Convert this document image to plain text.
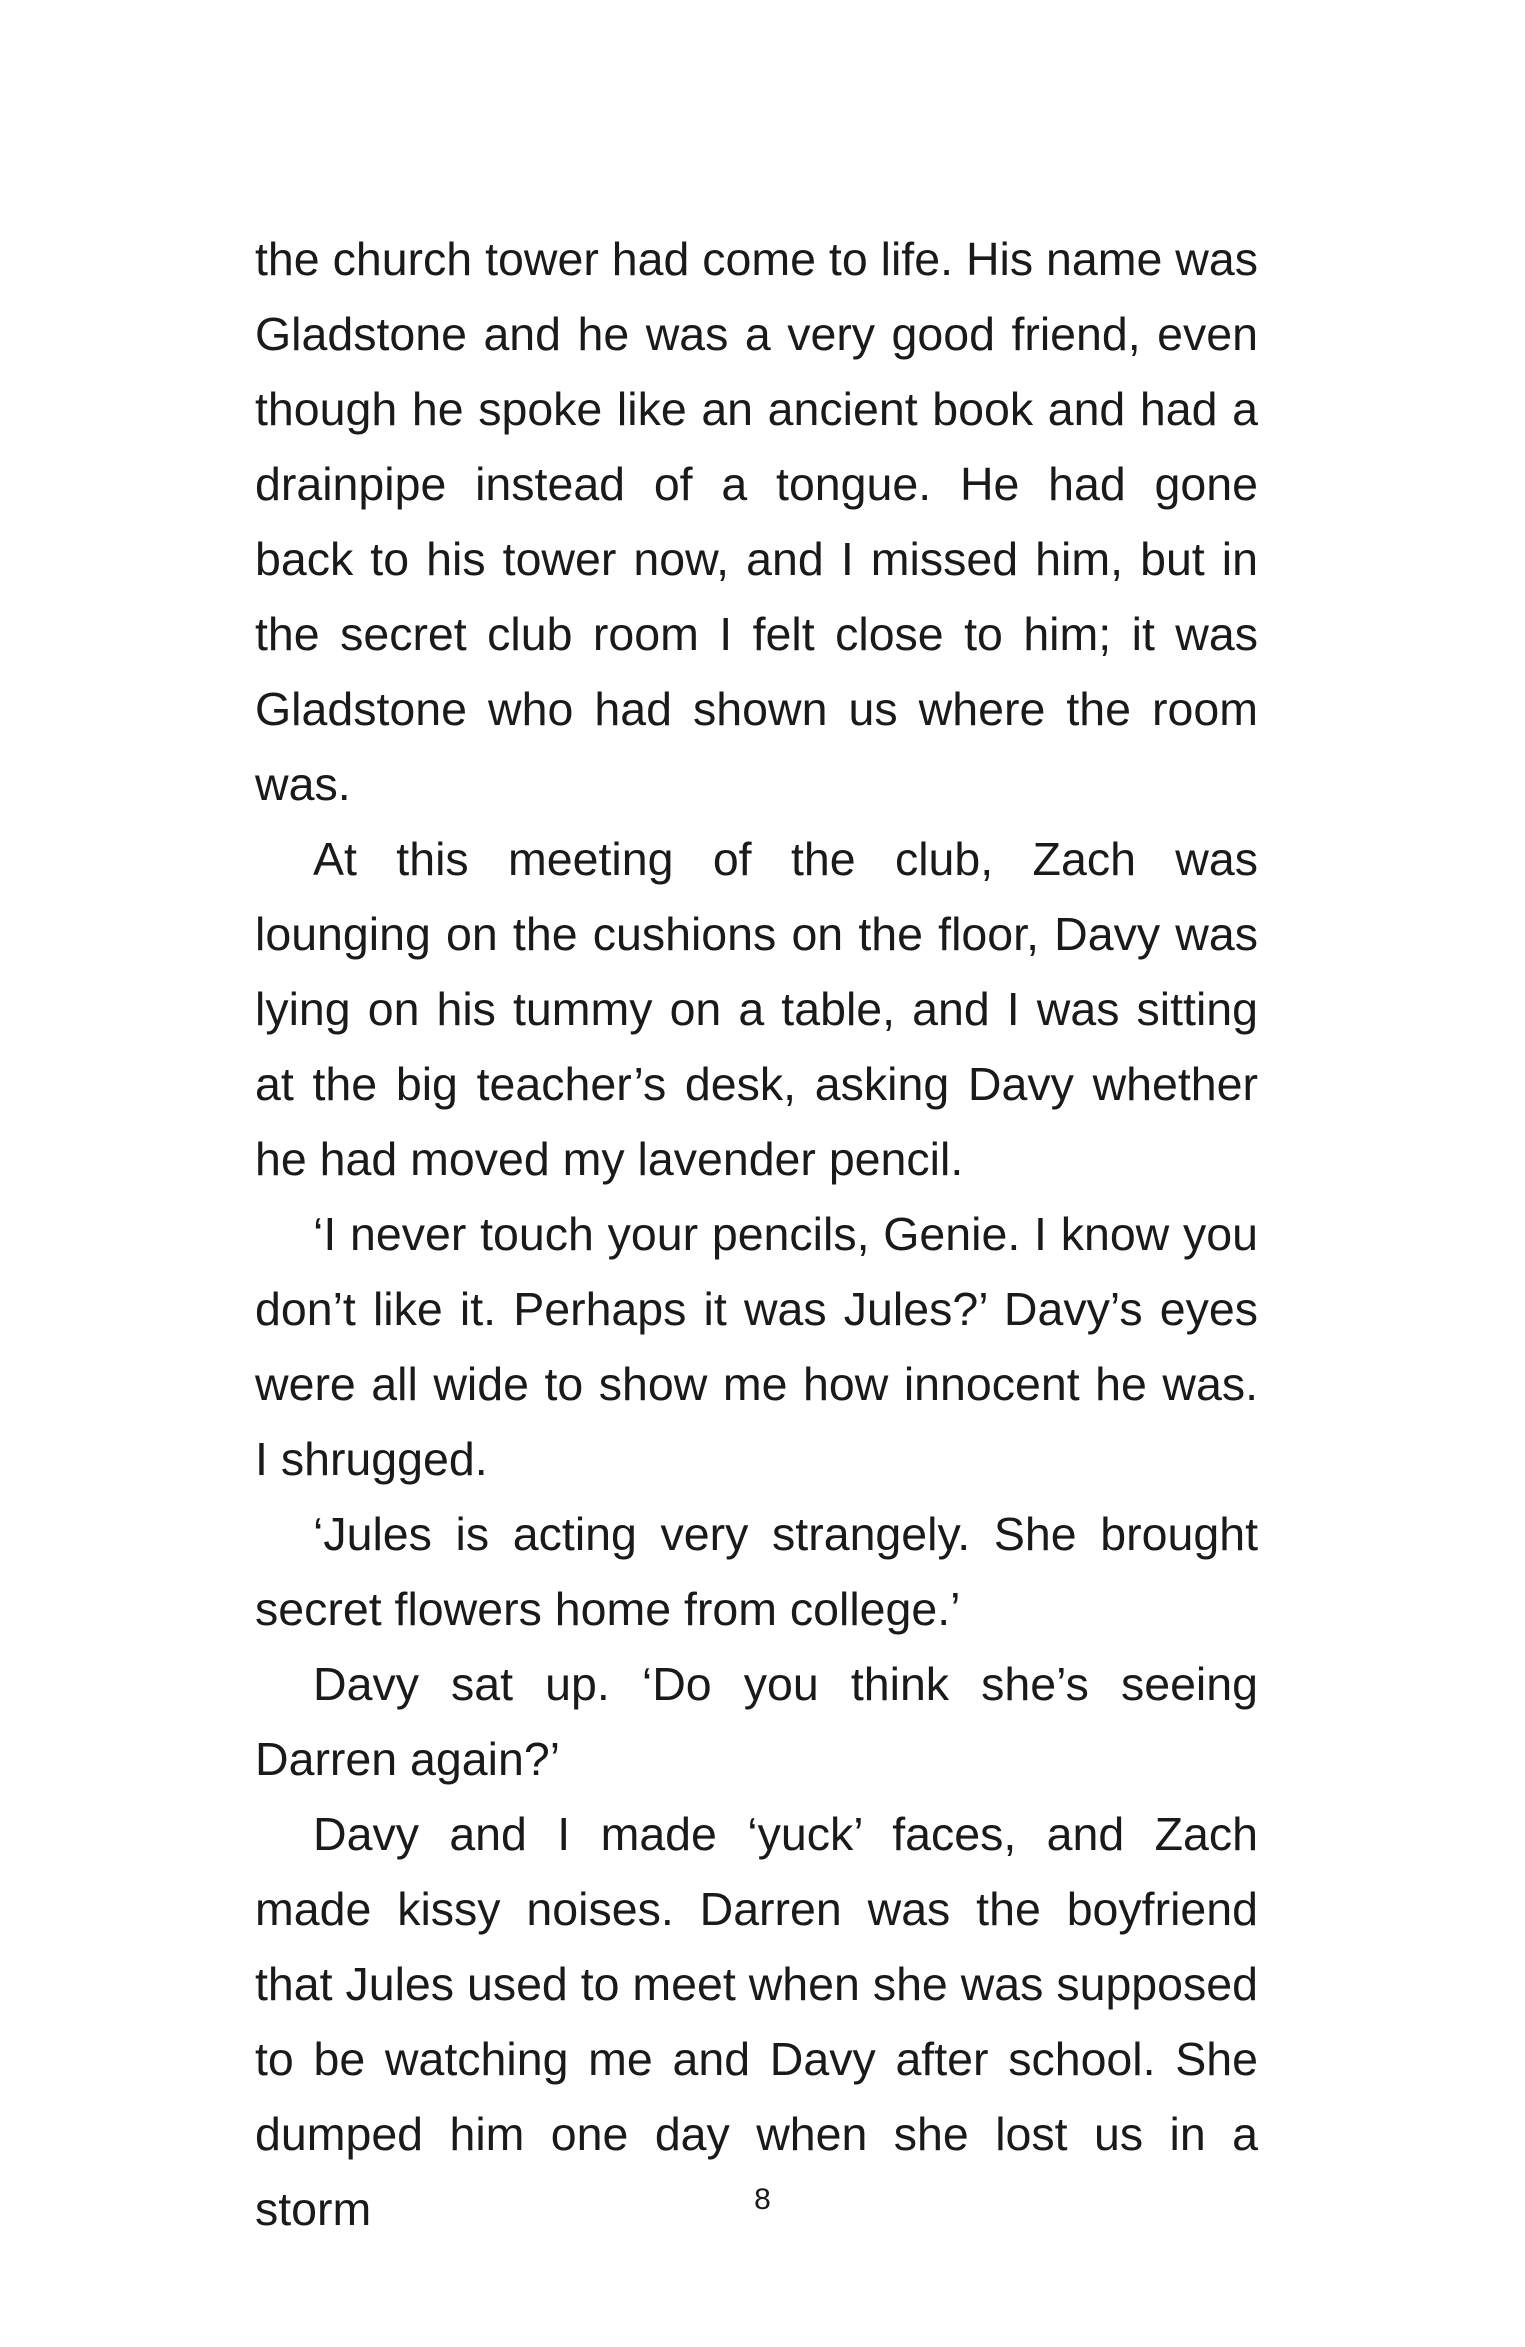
the church tower had come to life. His name was Gladstone and he was a very good friend, even though he spoke like an ancient book and had a drainpipe instead of a tongue. He had gone back to his tower now, and I missed him, but in the secret club room I felt close to him; it was Gladstone who had shown us where the room was.

At this meeting of the club, Zach was lounging on the cushions on the floor, Davy was lying on his tummy on a table, and I was sitting at the big teacher’s desk, asking Davy whether he had moved my lavender pencil.

‘I never touch your pencils, Genie. I know you don’t like it. Perhaps it was Jules?’ Davy’s eyes were all wide to show me how innocent he was. I shrugged.

‘Jules is acting very strangely. She brought secret flowers home from college.’

Davy sat up. ‘Do you think she’s seeing Darren again?’

Davy and I made ‘yuck’ faces, and Zach made kissy noises. Darren was the boyfriend that Jules used to meet when she was supposed to be watching me and Davy after school. She dumped him one day when she lost us in a storm	8
